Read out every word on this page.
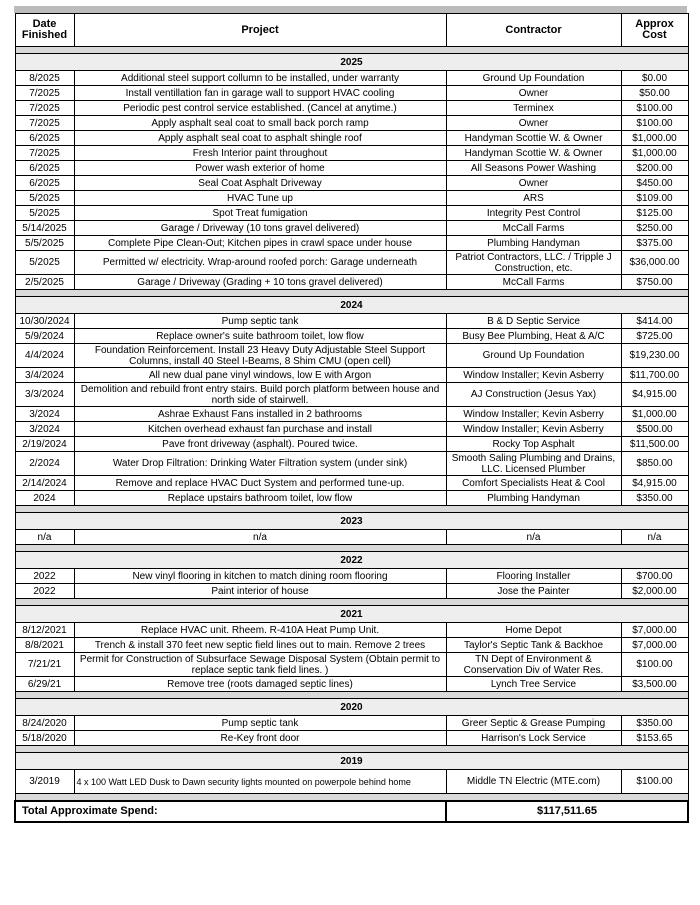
Date Finished	Project	Contractor	Approx Cost

2025			
8/2025	Additional steel support collumn to be installed, under warranty	Ground Up Foundation	$0.00
7/2025	Install ventillation fan in garage wall to support HVAC cooling	Owner	$50.00
7/2025	Periodic pest control service established. (Cancel at anytime.)	Terminex	$100.00
7/2025	Apply asphalt seal coat to small back porch ramp	Owner	$100.00
6/2025	Apply asphalt seal coat to asphalt shingle roof	Handyman Scottie W. & Owner	$1,000.00
7/2025	Fresh Interior paint throughout	Handyman Scottie W. & Owner	$1,000.00
6/2025	Power wash exterior of home	All Seasons Power Washing	$200.00
6/2025	Seal Coat Asphalt Driveway	Owner	$450.00
5/2025	HVAC Tune up	ARS	$109.00
5/2025	Spot Treat fumigation	Integrity Pest Control	$125.00
5/14/2025	Garage / Driveway (10 tons gravel delivered)	McCall Farms	$250.00
5/5/2025	Complete Pipe Clean-Out; Kitchen pipes in crawl space under house	Plumbing Handyman	$375.00
5/2025	Permitted w/ electricity. Wrap-around roofed porch: Garage underneath	Patriot Contractors, LLC. / Tripple J Construction, etc.	$36,000.00
2/5/2025	Garage / Driveway (Grading + 10 tons gravel delivered)	McCall Farms	$750.00

2024			
10/30/2024	Pump septic tank	B & D Septic Service	$414.00
5/9/2024	Replace owner's suite bathroom toilet, low flow	Busy Bee Plumbing, Heat & A/C	$725.00
4/4/2024	Foundation Reinforcement. Install 23 Heavy Duty Adjustable Steel Support Columns, install 40 Steel I-Beams, 8 Shim CMU (open cell)	Ground Up Foundation	$19,230.00
3/4/2024	All new dual pane vinyl windows, low E with Argon	Window Installer; Kevin Asberry	$11,700.00
3/3/2024	Demolition and rebuild front entry stairs. Build porch platform between house and north side of stairwell.	AJ Construction (Jesus Yax)	$4,915.00
3/2024	Ashrae Exhaust Fans installed in 2 bathrooms	Window Installer; Kevin Asberry	$1,000.00
3/2024	Kitchen overhead exhaust fan purchase and install	Window Installer; Kevin Asberry	$500.00
2/19/2024	Pave front driveway (asphalt). Poured twice.	Rocky Top Asphalt	$11,500.00
2/2024	Water Drop Filtration: Drinking Water Filtration system (under sink)	Smooth Saling Plumbing and Drains, LLC. Licensed Plumber	$850.00
2/14/2024	Remove and replace HVAC Duct System and performed tune-up.	Comfort Specialists Heat & Cool	$4,915.00
2024	Replace upstairs bathroom toilet, low flow	Plumbing Handyman	$350.00

2023			
n/a	n/a	n/a	n/a

2022			
2022	New vinyl flooring in kitchen to match dining room flooring	Flooring Installer	$700.00
2022	Paint interior of house	Jose the Painter	$2,000.00

2021			
8/12/2021	Replace HVAC unit. Rheem. R-410A Heat Pump Unit.	Home Depot	$7,000.00
8/8/2021	Trench & install 370 feet new septic field lines out to main. Remove 2 trees	Taylor's Septic Tank & Backhoe	$7,000.00
7/21/21	Permit for Construction of Subsurface Sewage Disposal System (Obtain permit to replace septic tank field lines. )	TN Dept of Environment & Conservation Div of Water Res.	$100.00
6/29/21	Remove tree (roots damaged septic lines)	Lynch Tree Service	$3,500.00

2020			
8/24/2020	Pump septic tank	Greer Septic & Grease Pumping	$350.00
5/18/2020	Re-Key front door	Harrison's Lock Service	$153.65

2019			
3/2019	4 x 100 Watt LED Dusk to Dawn security lights mounted on powerpole behind home	Middle TN Electric (MTE.com)	$100.00

Total Approximate Spend:		$117,511.65	
